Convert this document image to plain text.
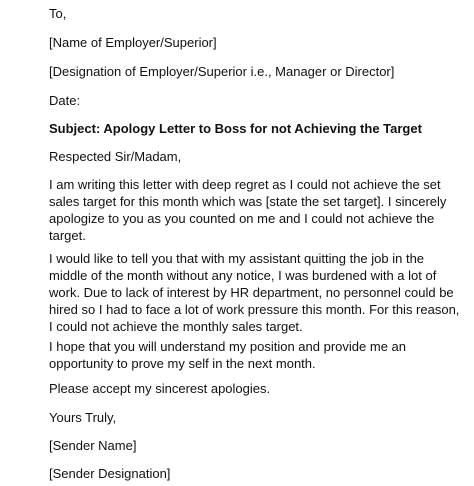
To,
[Name of Employer/Superior]
[Designation of Employer/Superior i.e., Manager or Director]
Date:
Subject: Apology Letter to Boss for not Achieving the Target
Respected Sir/Madam,

I am writing this letter with deep regret as I could not achieve the set sales target for this month which was [state the set target]. I sincerely apologize to you as you counted on me and I could not achieve the target.

I would like to tell you that with my assistant quitting the job in the middle of the month without any notice, I was burdened with a lot of work. Due to lack of interest by HR department, no personnel could be hired so I had to face a lot of work pressure this month. For this reason, I could not achieve the monthly sales target.

I hope that you will understand my position and provide me an opportunity to prove my self in the next month.

Please accept my sincerest apologies.

Yours Truly,
[Sender Name]
[Sender Designation]
